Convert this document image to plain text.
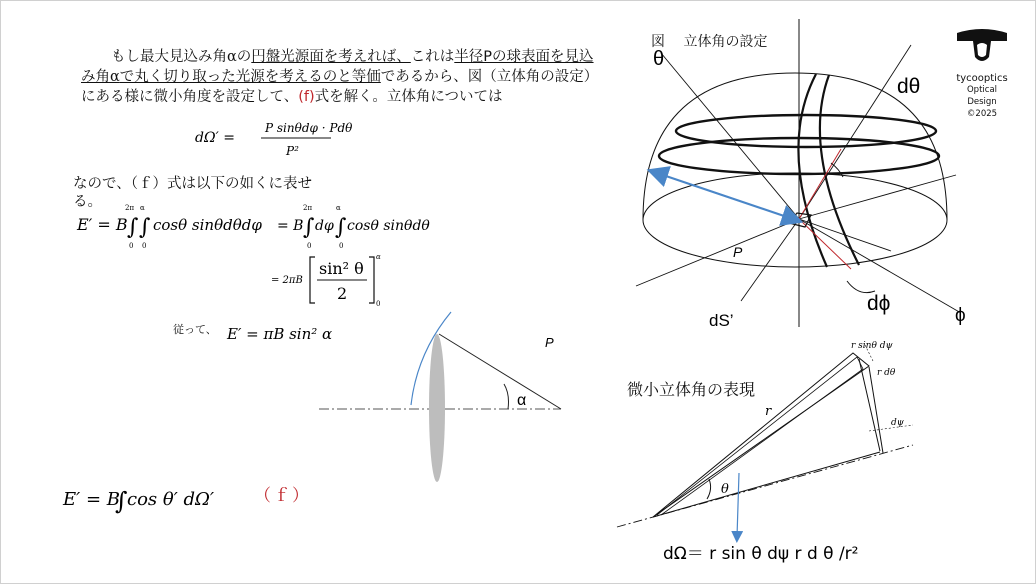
もし最大見込み角αの円盤光源面を考えれば、これは半径Pの球表面を見込み角αで丸く切り取った光源を考えるのと等価であるから、図（立体角の設定）にある様に微小角度を設定して、(f)式を解く。立体角については
なので、（ｆ）式は以下の如くに表せる。
図　 立体角の設定
従って、
（ｆ）
微小立体角の表現
tycooptics
Optical Design
©2025
dΩ′ =
P sinθdφ · Pdθ
P²
E′ = B ∫ ∫
2π α
0 0
cosθ sinθdθdφ = B ∫
2π
0
dφ ∫
α
0
cosθ sinθdθ
= 2πB
sin² θ
2
α
0
E′ = πB sin² α
E′ = B
∫ cos θ′ dΩ′
P
α
θ
dθ
P
dS’
dϕ
ϕ
r sinθ dψ
r dθ
dψ
r
θ
dΩ＝ r sin θ dψ r d θ /r²
